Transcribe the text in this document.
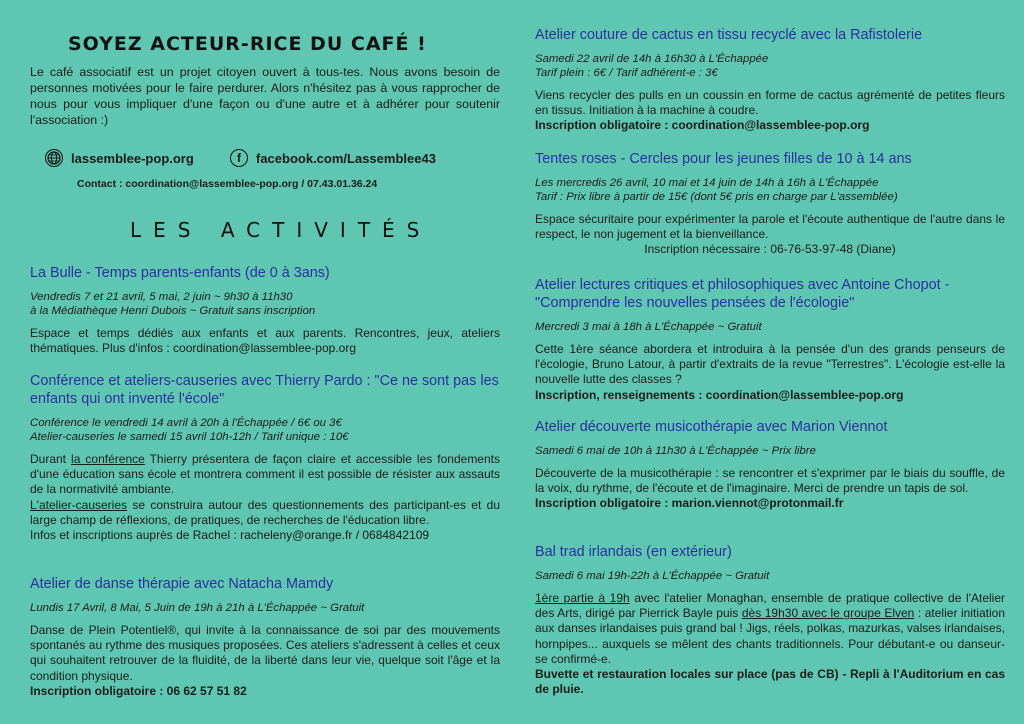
SOYEZ ACTEUR-RICE DU CAFÉ !
Le café associatif est un projet citoyen ouvert à tous-tes. Nous avons besoin de personnes motivées pour le faire perdurer. Alors n'hésitez pas à vous rapprocher de nous pour vous impliquer d'une façon ou d'une autre et à adhérer pour soutenir l'association :)
lassemblee-pop.org	f	facebook.com/Lassemblee43
Contact : coordination@lassemblee-pop.org / 07.43.01.36.24
LES ACTIVITÉS
La Bulle - Temps parents-enfants (de 0 à 3ans)
Vendredis 7 et 21 avril, 5 mai, 2 juin ~ 9h30 à 11h30
à la Médiathèque Henri Dubois ~ Gratuit sans inscription
Espace et temps dédiés aux enfants et aux parents. Rencontres, jeux, ateliers thématiques. Plus d'infos : coordination@lassemblee-pop.org
Conférence et ateliers-causeries avec Thierry Pardo : "Ce ne sont pas les enfants qui ont inventé l'école"
Conférence le vendredi 14 avril à 20h à l'Échappée / 6€ ou 3€
Atelier-causeries le samedi 15 avril 10h-12h / Tarif unique : 10€
Durant la conférence Thierry présentera de façon claire et accessible les fondements d'une éducation sans école et montrera comment il est possible de résister aux assauts de la normativité ambiante.
L'atelier-causeries se construira autour des questionnements des participant-es et du large champ de réflexions, de pratiques, de recherches de l'éducation libre.
Infos et inscriptions auprès de Rachel : racheleny@orange.fr / 0684842109
Atelier de danse thérapie avec Natacha Mamdy
Lundis 17 Avril, 8 Mai, 5 Juin de 19h à 21h à L'Échappée ~ Gratuit
Danse de Plein Potentiel®, qui invite à la connaissance de soi par des mouvements spontanés au rythme des musiques proposées. Ces ateliers s'adressent à celles et ceux qui souhaitent retrouver de la fluidité, de la liberté dans leur vie, quelque soit l'âge et la condition physique.
Inscription obligatoire : 06 62 57 51 82
Atelier couture de cactus en tissu recyclé avec la Rafistolerie
Samedi 22 avril de 14h à 16h30 à L'Échappée
Tarif plein : 6€ / Tarif adhérent-e : 3€
Viens recycler des pulls en un coussin en forme de cactus agrémenté de petites fleurs en tissus. Initiation à la machine à coudre.
Inscription obligatoire : coordination@lassemblee-pop.org
Tentes roses - Cercles pour les jeunes filles de 10 à 14 ans
Les mercredis 26 avril, 10 mai et 14 juin de 14h à 16h à L'Échappée
Tarif : Prix libre à partir de 15€ (dont 5€ pris en charge par L'assemblée)
Espace sécuritaire pour expérimenter la parole et l'écoute authentique de l'autre dans le respect, le non jugement et la bienveillance.

Inscription nécessaire : 06-76-53-97-48 (Diane)
Atelier lectures critiques et philosophiques avec Antoine Chopot - "Comprendre les nouvelles pensées de l'écologie"
Mercredi 3 mai à 18h à L'Échappée ~ Gratuit
Cette 1ère séance abordera et introduira à la pensée d'un des grands penseurs de l'écologie, Bruno Latour, à partir d'extraits de la revue "Terrestres". L'écologie est-elle la nouvelle lutte des classes ?
Inscription, renseignements : coordination@lassemblee-pop.org
Atelier découverte musicothérapie avec Marion Viennot
Samedi 6 mai de 10h à 11h30 à L'Échappée ~ Prix libre
Découverte de la musicothérapie : se rencontrer et s'exprimer par le biais du souffle, de la voix, du rythme, de l'écoute et de l'imaginaire. Merci de prendre un tapis de sol.
Inscription obligatoire : marion.viennot@protonmail.fr
Bal trad irlandais (en extérieur)
Samedi 6 mai 19h-22h à L'Échappée ~ Gratuit
1ère partie à 19h avec l'atelier Monaghan, ensemble de pratique collective de l'Atelier des Arts, dirigé par Pierrick Bayle puis dès 19h30 avec le groupe Elven : atelier initiation aux danses irlandaises puis grand bal ! Jigs, réels, polkas, mazurkas, valses irlandaises, hornpipes... auxquels se mêlent des chants traditionnels. Pour débutant-e ou danseur-se confirmé-e.
Buvette et restauration locales sur place (pas de CB) - Repli à l'Auditorium en cas de pluie.
